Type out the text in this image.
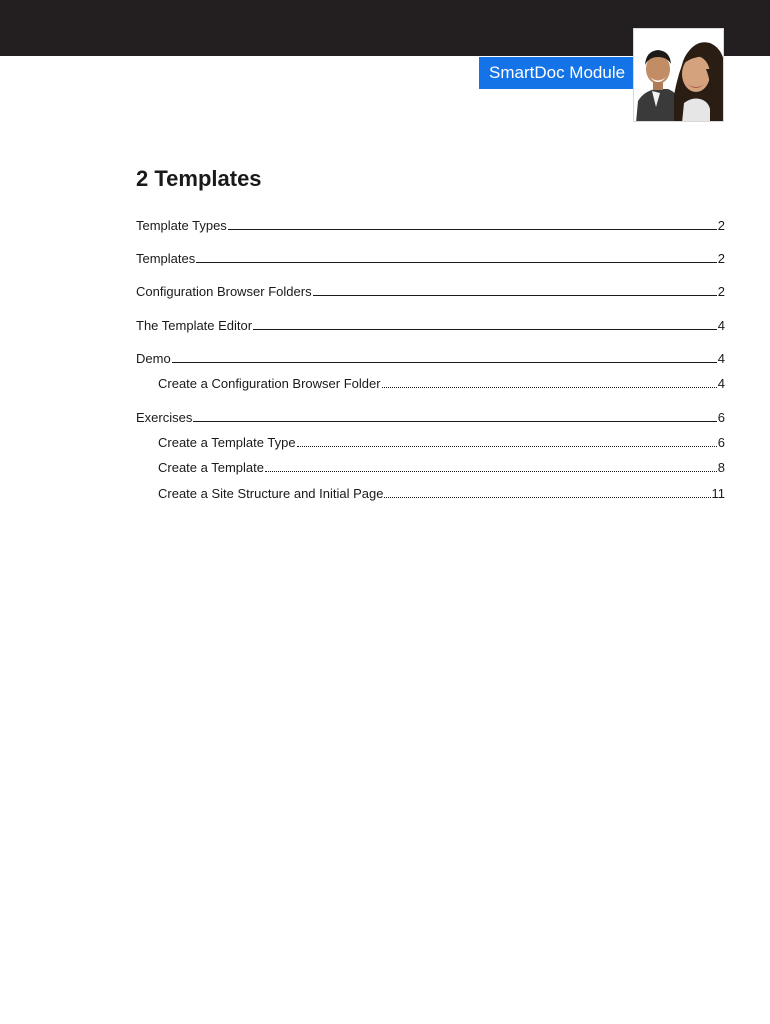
SmartDoc Module
2 Templates
Template Types	2
Templates	2
Configuration Browser Folders	2
The Template Editor	4
Demo	4
Create a Configuration Browser Folder	4
Exercises	6
Create a Template Type	6
Create a Template	8
Create a Site Structure and Initial Page	11
